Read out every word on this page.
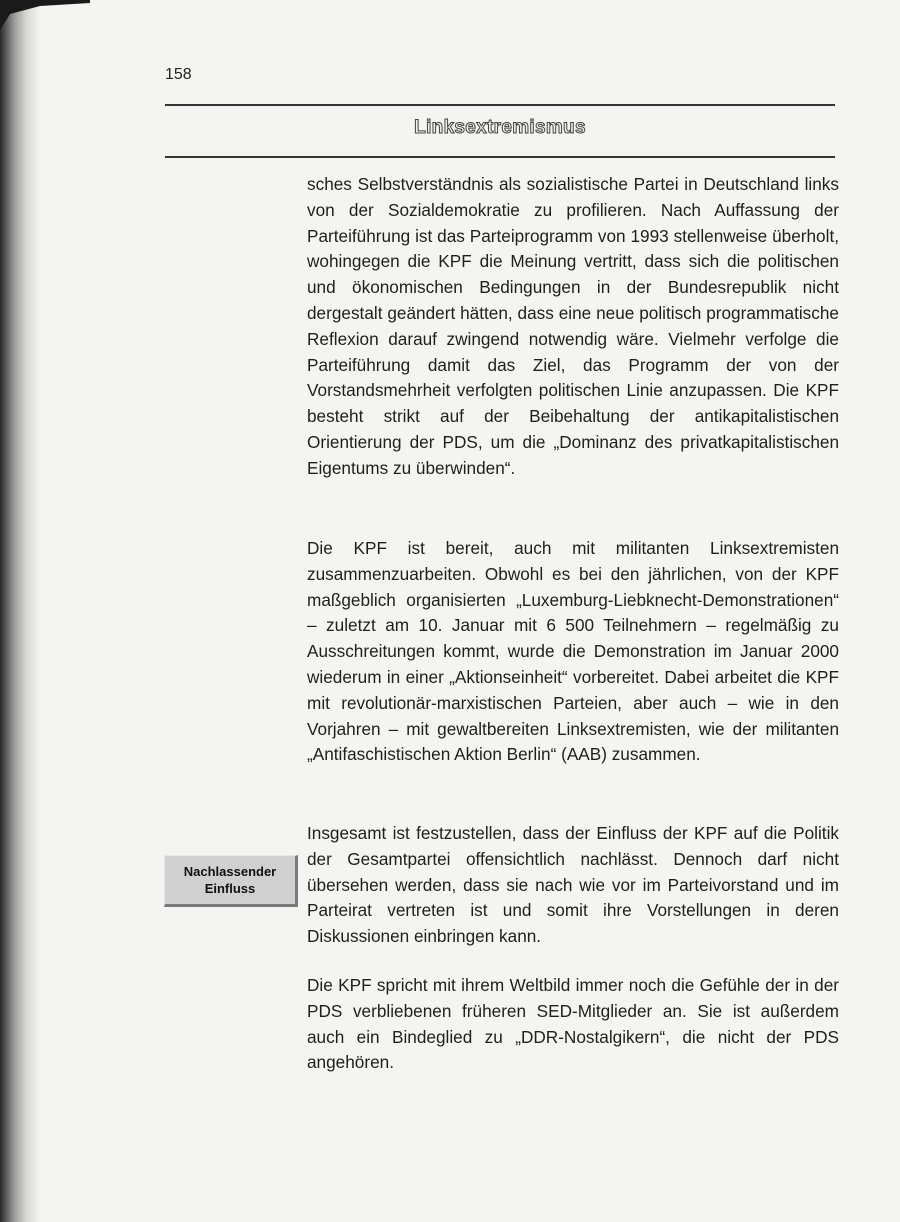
158
Linksextremismus

sches Selbstverständnis als sozialistische Partei in Deutschland links von der Sozialdemokratie zu profilieren. Nach Auffassung der Parteiführung ist das Parteiprogramm von 1993 stellenweise überholt, wohingegen die KPF die Meinung vertritt, dass sich die politischen und ökonomischen Bedingungen in der Bundesrepublik nicht dergestalt geändert hätten, dass eine neue politisch programmatische Reflexion darauf zwingend notwendig wäre. Vielmehr verfolge die Parteiführung damit das Ziel, das Programm der von der Vorstandsmehrheit verfolgten politischen Linie anzupassen. Die KPF besteht strikt auf der Beibehaltung der antikapitalistischen Orientierung der PDS, um die „Dominanz des privatkapitalistischen Eigentums zu überwinden“.

Die KPF ist bereit, auch mit militanten Linksextremisten zusammenzuarbeiten. Obwohl es bei den jährlichen, von der KPF maßgeblich organisierten „Luxemburg-Liebknecht-Demonstrationen“ – zuletzt am 10. Januar mit 6 500 Teilnehmern – regelmäßig zu Ausschreitungen kommt, wurde die Demonstration im Januar 2000 wiederum in einer „Aktionseinheit“ vorbereitet. Dabei arbeitet die KPF mit revolutionär-marxistischen Parteien, aber auch – wie in den Vorjahren – mit gewaltbereiten Linksextremisten, wie der militanten „Antifaschistischen Aktion Berlin“ (AAB) zusammen.

Insgesamt ist festzustellen, dass der Einfluss der KPF auf die Politik der Gesamtpartei offensichtlich nachlässt. Dennoch darf nicht übersehen werden, dass sie nach wie vor im Parteivorstand und im Parteirat vertreten ist und somit ihre Vorstellungen in deren Diskussionen einbringen kann.

Die KPF spricht mit ihrem Weltbild immer noch die Gefühle der in der PDS verbliebenen früheren SED-Mitglieder an. Sie ist außerdem auch ein Bindeglied zu „DDR-Nostalgikern“, die nicht der PDS angehören.

Nachlassender Einfluss
